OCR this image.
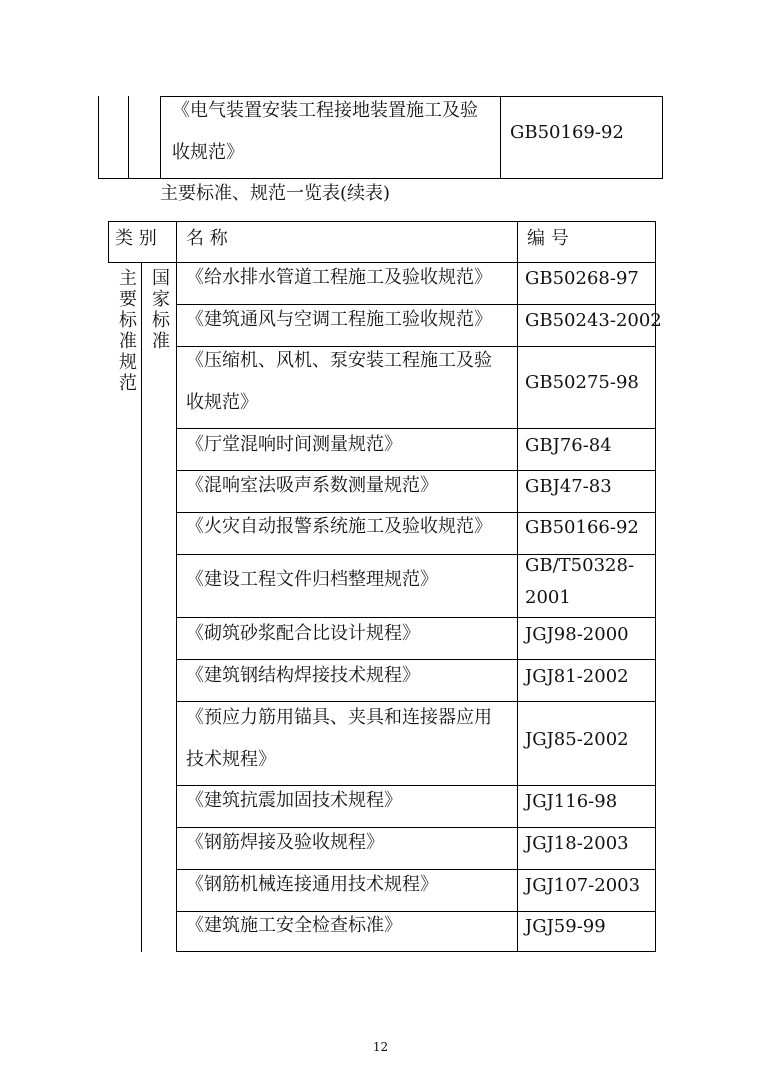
《电气装置安装工程接地装置施工及验
收规范》
GB50169-92
主要标准、规范一览表(续表)
类 别 名 称	编 号
主要标准规范
国家标准
《给水排水管道工程施工及验收规范》 GB50268-97
《建筑通风与空调工程施工验收规范》 GB50243-2002
《压缩机、风机、泵安装工程施工及验
收规范》
GB50275-98
《厅堂混响时间测量规范》	GBJ76-84
《混响室法吸声系数测量规范》	GBJ47-83
《火灾自动报警系统施工及验收规范》 GB50166-92
《建设工程文件归档整理规范》
GB/T50328-
2001
《砌筑砂浆配合比设计规程》	JGJ98-2000
《建筑钢结构焊接技术规程》	JGJ81-2002
《预应力筋用锚具、夹具和连接器应用
技术规程》
JGJ85-2002
《建筑抗震加固技术规程》	JGJ116-98
《钢筋焊接及验收规程》	JGJ18-2003
《钢筋机械连接通用技术规程》	JGJ107-2003
《建筑施工安全检查标准》	JGJ59-99
12
